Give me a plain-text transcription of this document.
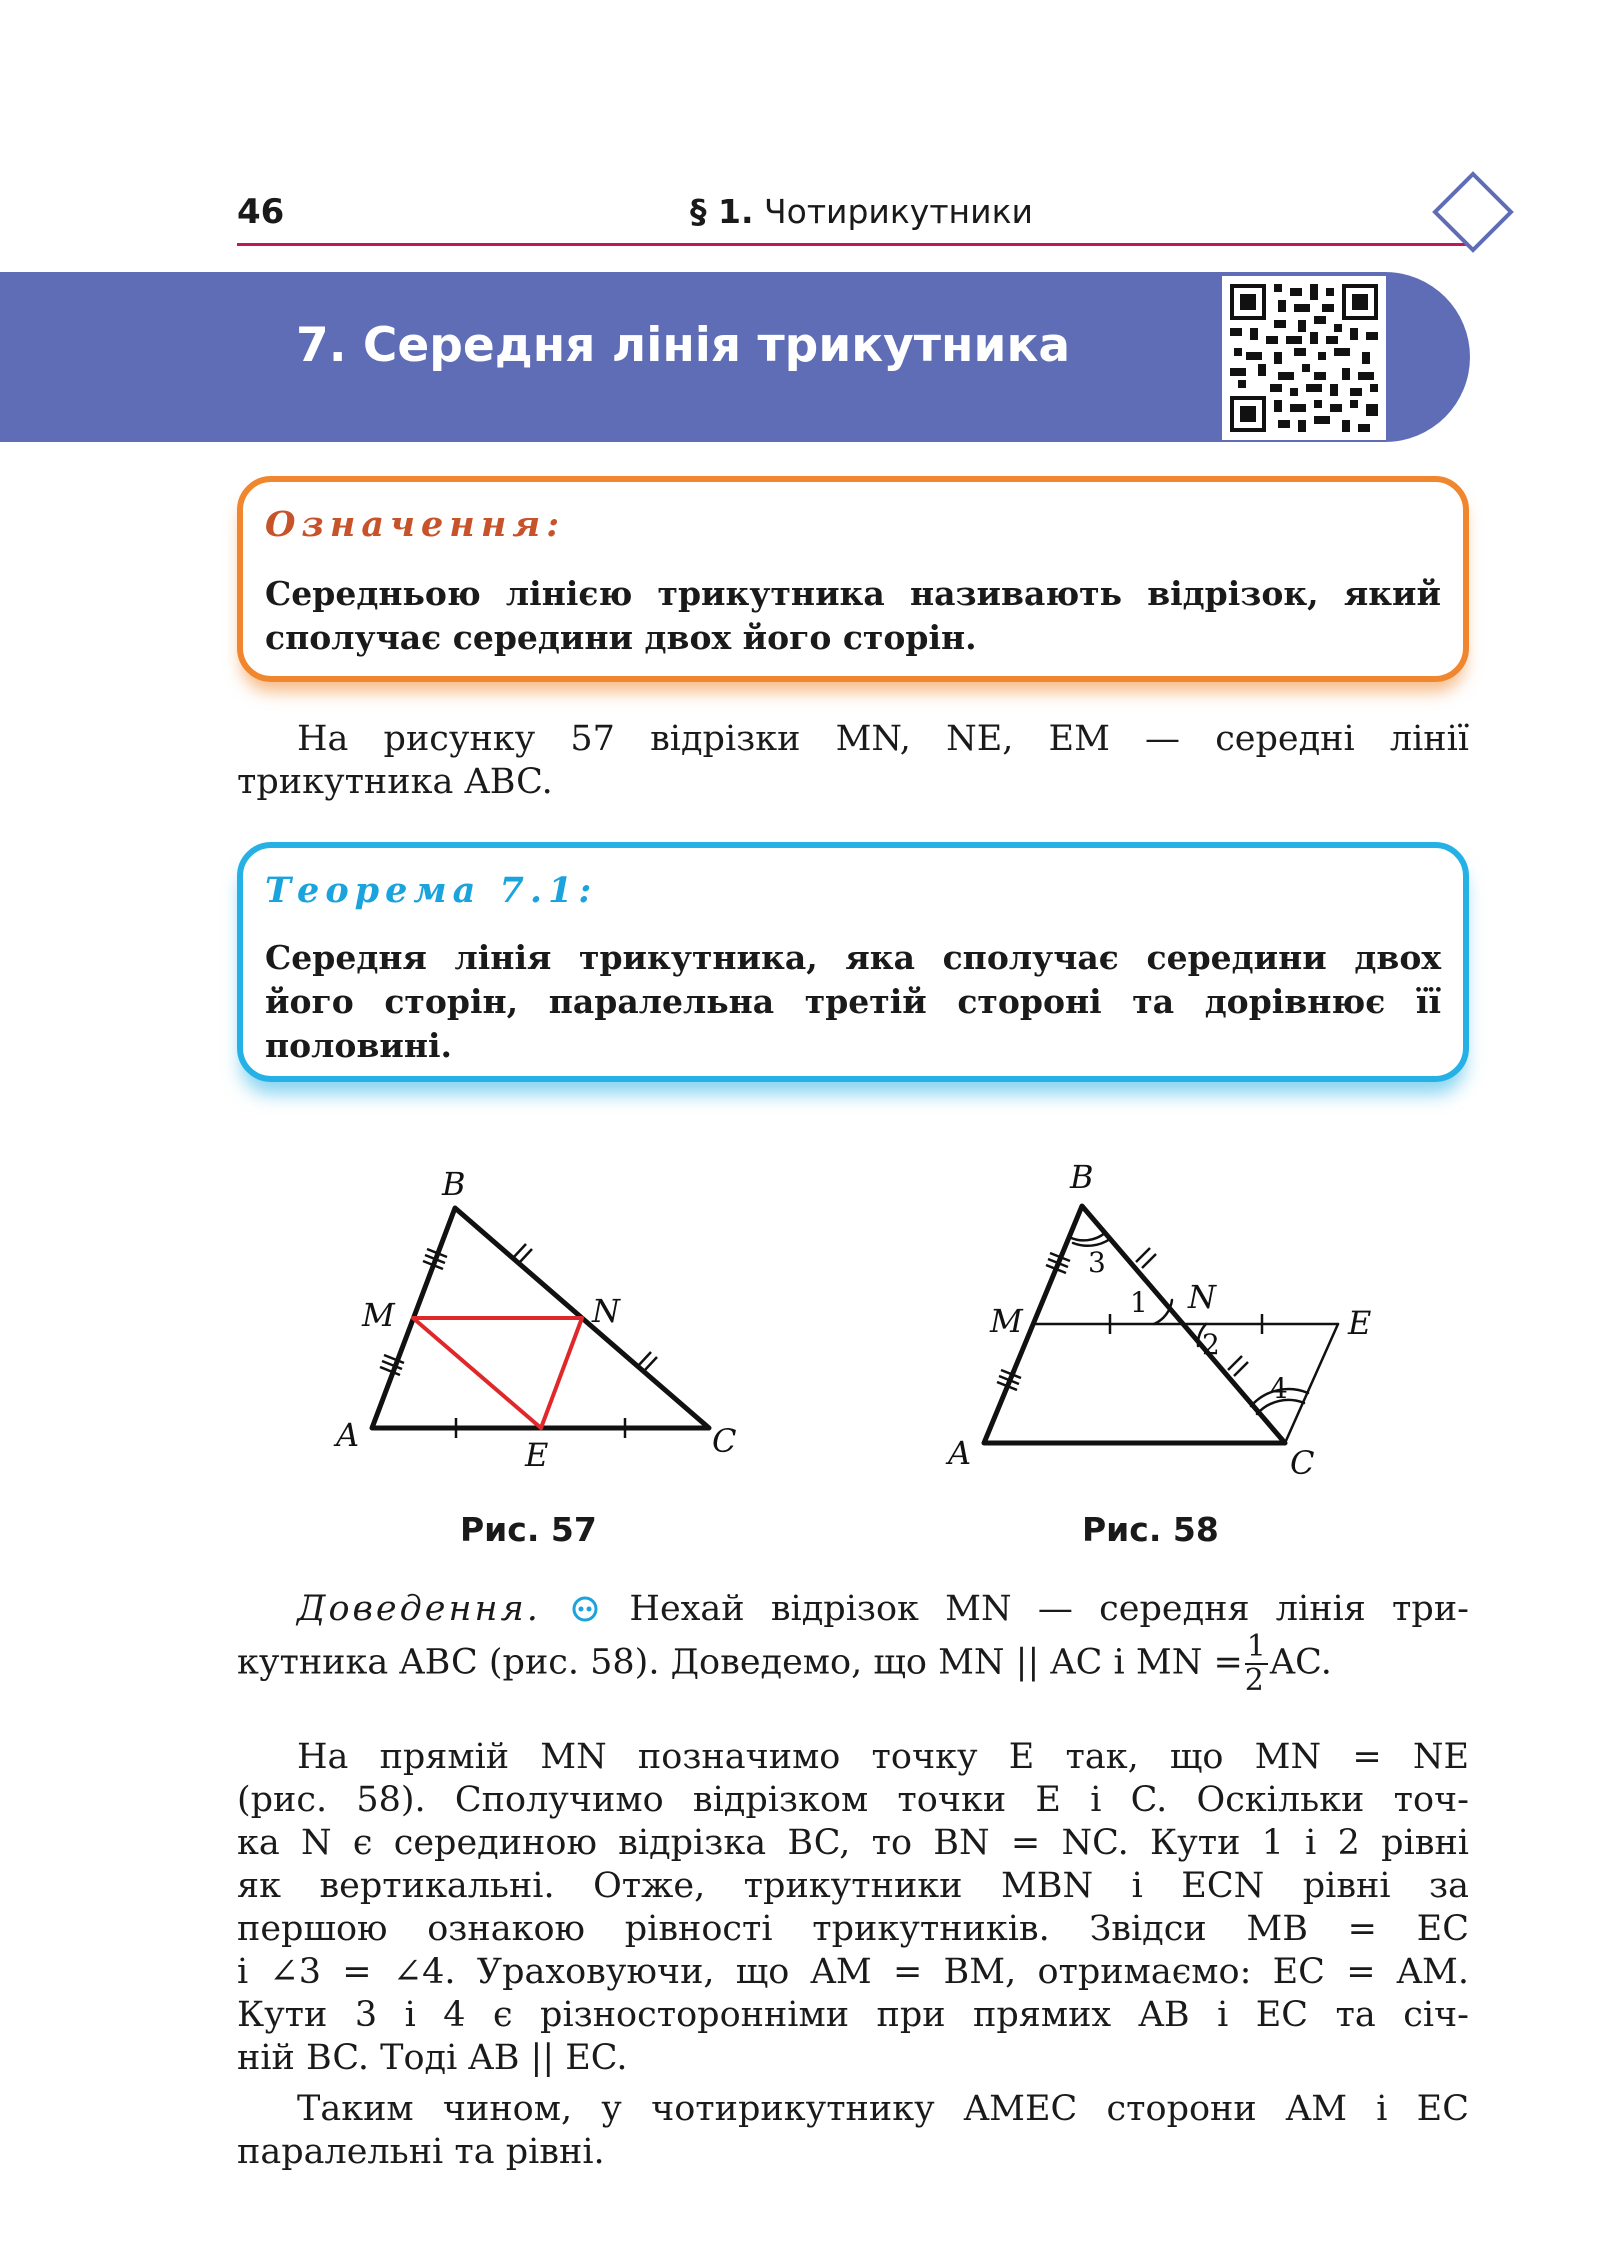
46	§ 1. Чотирикутники
7. Середня лінія трикутника
Означення:
Середньою лінією трикутника називають відрізок, який сполучає середини двох його сторін.
На рисунку 57 відрізки MN, NE, EM — середні лінії
трикутника ABC.
Теорема 7.1:
Середня лінія трикутника, яка сполучає середини двох його сторін, паралельна третій стороні та дорівнює її половині.
B
M	N
A
E	C
Рис. 57
B
M
N
E
A	C
3
1
2
4
Рис. 58
Доведення.	Нехай відрізок MN — середня лінія три-
кутника ABC (рис. 58). Доведемо, що MN || AC і MN = $\frac{1}{2}$ AC.
На прямій MN позначимо точку E так, що MN = NE
(рис. 58). Сполучимо відрізком точки E і C. Оскільки точ-
ка N є серединою відрізка BC, то BN = NC. Кути 1 і 2 рівні
як вертикальні. Отже, трикутники MBN і ECN рівні за
першою ознакою рівності трикутників. Звідси MB = EC
і ∠3 = ∠4. Ураховуючи, що AM = BM, отримаємо: EC = AM.
Кути 3 і 4 є різносторонніми при прямих AB і EC та січ-
ній BC. Тоді AB || EC.
Таким чином, у чотирикутнику AMEC сторони AM і EC
паралельні та рівні.
